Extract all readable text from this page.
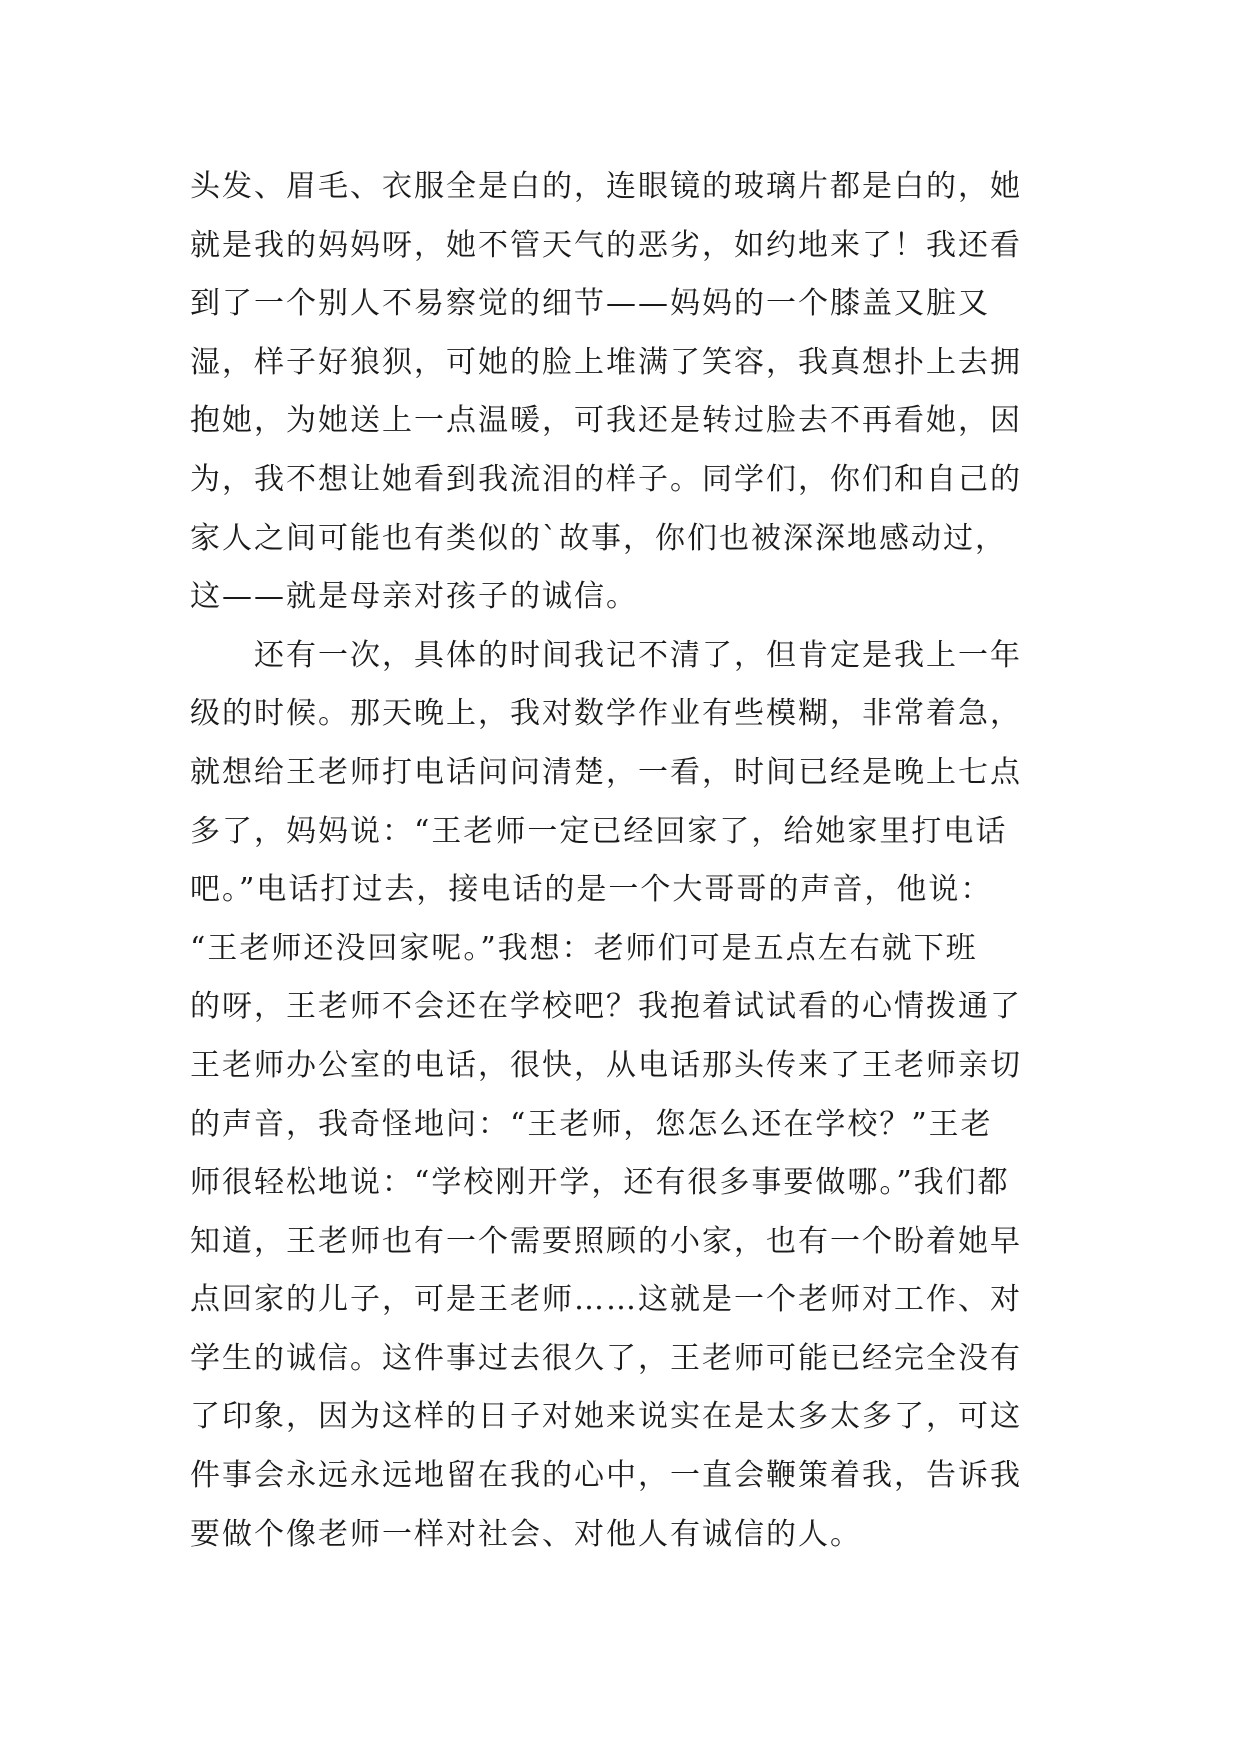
头发、眉毛、衣服全是白的，连眼镜的玻璃片都是白的，她
就是我的妈妈呀，她不管天气的恶劣，如约地来了！我还看
到了一个别人不易察觉的细节——妈妈的一个膝盖又脏又
湿，样子好狼狈，可她的脸上堆满了笑容，我真想扑上去拥
抱她，为她送上一点温暖，可我还是转过脸去不再看她，因
为，我不想让她看到我流泪的样子。同学们，你们和自己的
家人之间可能也有类似的`故事，你们也被深深地感动过，
这——就是母亲对孩子的诚信。
还有一次，具体的时间我记不清了，但肯定是我上一年
级的时候。那天晚上，我对数学作业有些模糊，非常着急，
就想给王老师打电话问问清楚，一看，时间已经是晚上七点
多了，妈妈说：“王老师一定已经回家了，给她家里打电话
吧。”电话打过去，接电话的是一个大哥哥的声音，他说：
“王老师还没回家呢。”我想：老师们可是五点左右就下班
的呀，王老师不会还在学校吧？我抱着试试看的心情拨通了
王老师办公室的电话，很快，从电话那头传来了王老师亲切
的声音，我奇怪地问：“王老师，您怎么还在学校？”王老
师很轻松地说：“学校刚开学，还有很多事要做哪。”我们都
知道，王老师也有一个需要照顾的小家，也有一个盼着她早
点回家的儿子，可是王老师……这就是一个老师对工作、对
学生的诚信。这件事过去很久了，王老师可能已经完全没有
了印象，因为这样的日子对她来说实在是太多太多了，可这
件事会永远永远地留在我的心中，一直会鞭策着我，告诉我
要做个像老师一样对社会、对他人有诚信的人。
